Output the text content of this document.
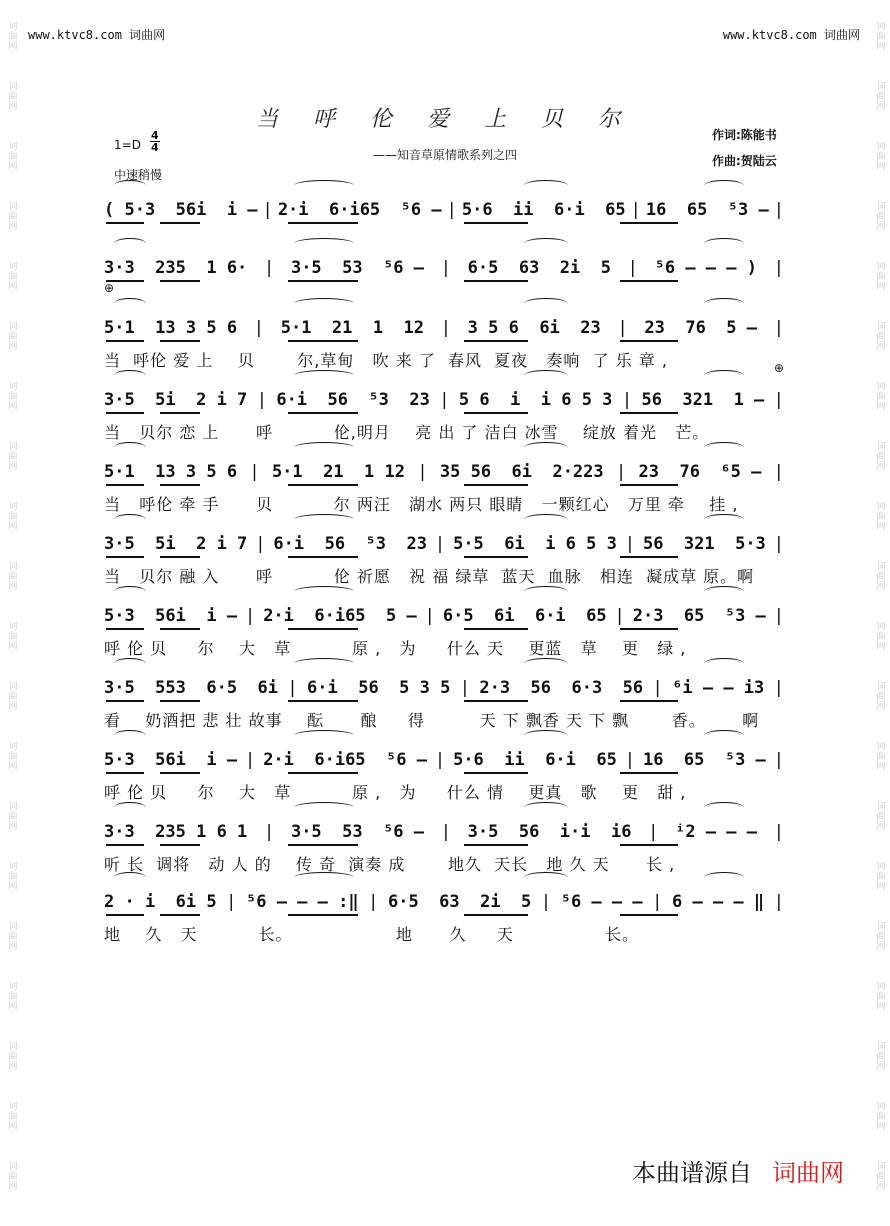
词曲网
词曲网
词曲网
词曲网
词曲网
词曲网
词曲网
词曲网
词曲网
词曲网
词曲网
词曲网
词曲网
词曲网
词曲网
词曲网
词曲网
词曲网
词曲网
词曲网
词曲网
词曲网
词曲网
词曲网
词曲网
词曲网
词曲网
词曲网
词曲网
词曲网
词曲网
词曲网
词曲网
词曲网
词曲网
词曲网
词曲网
词曲网
词曲网
词曲网
www.ktvc8.com 词曲网	www.ktvc8.com 词曲网
当 呼 伦 爱 上 贝 尔
——知音草原情歌系列之四
1=D
4
4
中速稍慢
作词:陈能书
作曲:贺陆云
( 5·3  56i  i — | 2·i  6·i65  ⁵6 — | 5·6  ii  6·i  65 | 16  65  ⁵3 — |
3·3  235  1 6· | 3·5  53  ⁵6 — | 6·5  63  2i  5 | ⁵6 — — — ) |
5·1  13 3 5 6 | 5·1  21  1  12 | 3 5 6  6i  23 | 23  76  5 — |
当  呼伦 爱 上    贝       尔,草甸   吹 来 了  春风  夏夜   奏响  了 乐 章 ,
3·5  5i  2 i 7 | 6·i  56  ⁵3  23 | 5 6  i  i 6 5 3 | 56  321  1 — |
当   贝尔 恋 上      呼          伦,明月    亮 出 了 洁白 冰雪    绽放 着光   芒。
5·1  13 3 5 6 | 5·1  21  1 12 | 35 56  6i  2·223 | 23  76  ⁶5 — |
当   呼伦 牵 手      贝          尔 两汪   湖水 两只 眼睛   一颗红心   万里 牵    挂 ,
3·5  5i  2 i 7 | 6·i  56  ⁵3  23 | 5·5  6i  i 6 5 3 | 56  321  5·3 |
当   贝尔 融 入      呼          伦 祈愿   祝 福 绿草  蓝天  血脉   相连  凝成草 原。啊
5·3  56i  i — | 2·i  6·i65  5 — | 6·5  6i  6·i  65 | 2·3  65  ⁵3 — |
呼 伦 贝     尔    大   草          原 ,   为     什么 天    更蓝   草    更   绿 ,
3·5  553  6·5  6i | 6·i  56  5 3 5 | 2·3  56  6·3  56 | ⁶i — — i3 |
看    奶酒把 悲 壮 故事    酝      酿     得         天 下 飘香 天 下 飘       香。      啊
5·3  56i  i — | 2·i  6·i65  ⁵6 — | 5·6  ii  6·i  65 | 16  65  ⁵3 — |
呼 伦 贝     尔    大   草          原 ,   为     什么 情    更真   歌    更   甜 ,
3·3  235 1 6 1 | 3·5  53  ⁵6 — | 3·5  56  i·i  i6 | ⁱ2 — — — |
听 长  调将   动 人 的    传 奇  演奏 成       地久  天长   地 久 天      长 ,
2 · i  6i 5 | ⁵6 — — — :‖ | 6·5  63  2i  5 | ⁵6 — — — | 6 — — — ‖ |
地    久   天          长。                 地      久     天               长。
⊕
⊕
本曲谱源自 词曲网
